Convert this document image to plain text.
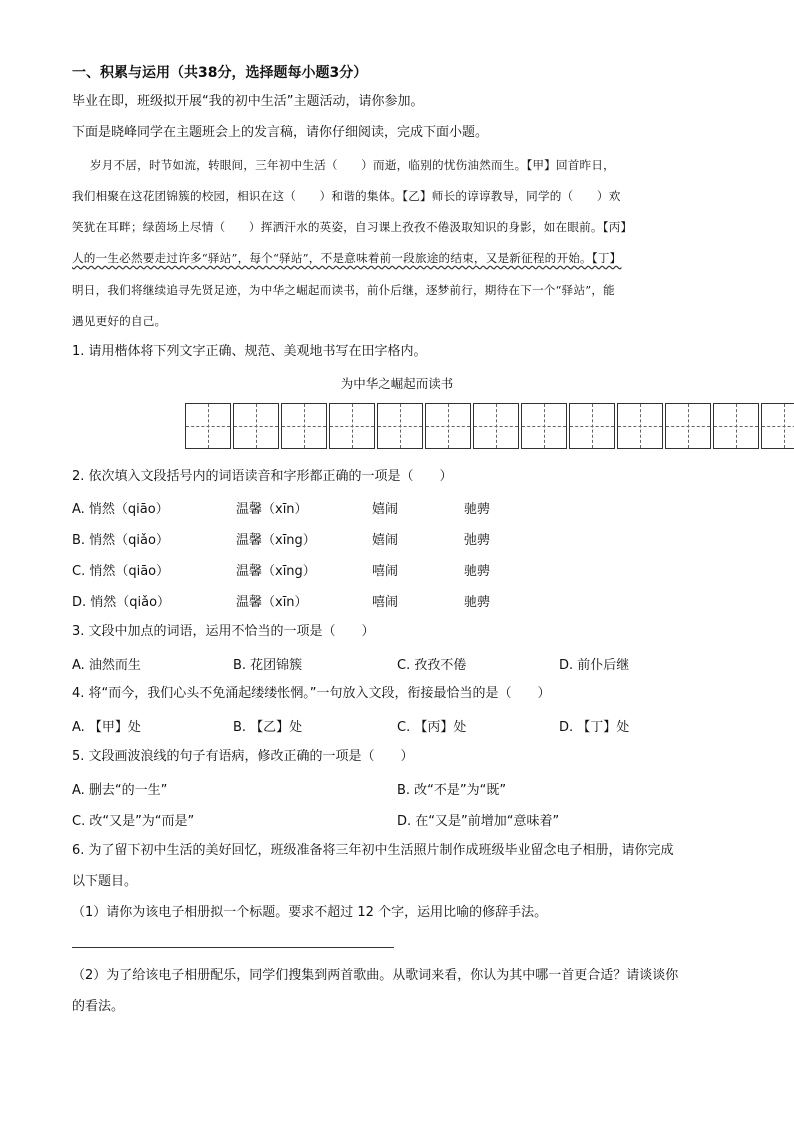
一、积累与运用（共38分，选择题每小题3分）
毕业在即，班级拟开展“我的初中生活”主题活动，请你参加。
下面是晓峰同学在主题班会上的发言稿，请你仔细阅读，完成下面小题。
岁月不居，时节如流，转眼间，三年初中生活（　　）而逝，临别的忧伤油然而生。【甲】回首昨日，
我们相聚在这花团锦簇的校园，相识在这（　　）和谐的集体。【乙】师长的谆谆教导，同学的（　　）欢
笑犹在耳畔；绿茵场上尽情（　　）挥洒汗水的英姿，自习课上孜孜不倦汲取知识的身影，如在眼前。【丙】
人的一生必然要走过许多“驿站”，每个“驿站”，不是意味着前一段旅途的结束，又是新征程的开始。【丁】
明日，我们将继续追寻先贤足迹，为中华之崛起而读书，前仆后继，逐梦前行，期待在下一个“驿站”，能
遇见更好的自己。
1. 请用楷体将下列文字正确、规范、美观地书写在田字格内。
为中华之崛起而读书
2. 依次填入文段括号内的词语读音和字形都正确的一项是（　　）
A. 悄然（qiāo）	温馨（xīn）	嬉闹	驰骋
B. 悄然（qiǎo）	温馨（xīng）	嬉闹	弛骋
C. 悄然（qiāo）	温馨（xīng）	嘻闹	驰骋
D. 悄然（qiǎo）	温馨（xīn）	嘻闹	驰骋
3. 文段中加点的词语，运用不恰当的一项是（　　）
A. 油然而生	B. 花团锦簇	C. 孜孜不倦	D. 前仆后继
4. 将“而今，我们心头不免涌起缕缕怅惘。”一句放入文段，衔接最恰当的是（　　）
A. 【甲】处	B. 【乙】处	C. 【丙】处	D. 【丁】处
5. 文段画波浪线的句子有语病，修改正确的一项是（　　）
A. 删去“的一生”	B. 改“不是”为“既”
C. 改“又是”为“而是”	D. 在“又是”前增加“意味着”
6. 为了留下初中生活的美好回忆，班级准备将三年初中生活照片制作成班级毕业留念电子相册，请你完成
以下题目。
（1）请你为该电子相册拟一个标题。要求不超过 12 个字，运用比喻的修辞手法。
（2）为了给该电子相册配乐，同学们搜集到两首歌曲。从歌词来看，你认为其中哪一首更合适？请谈谈你
的看法。
